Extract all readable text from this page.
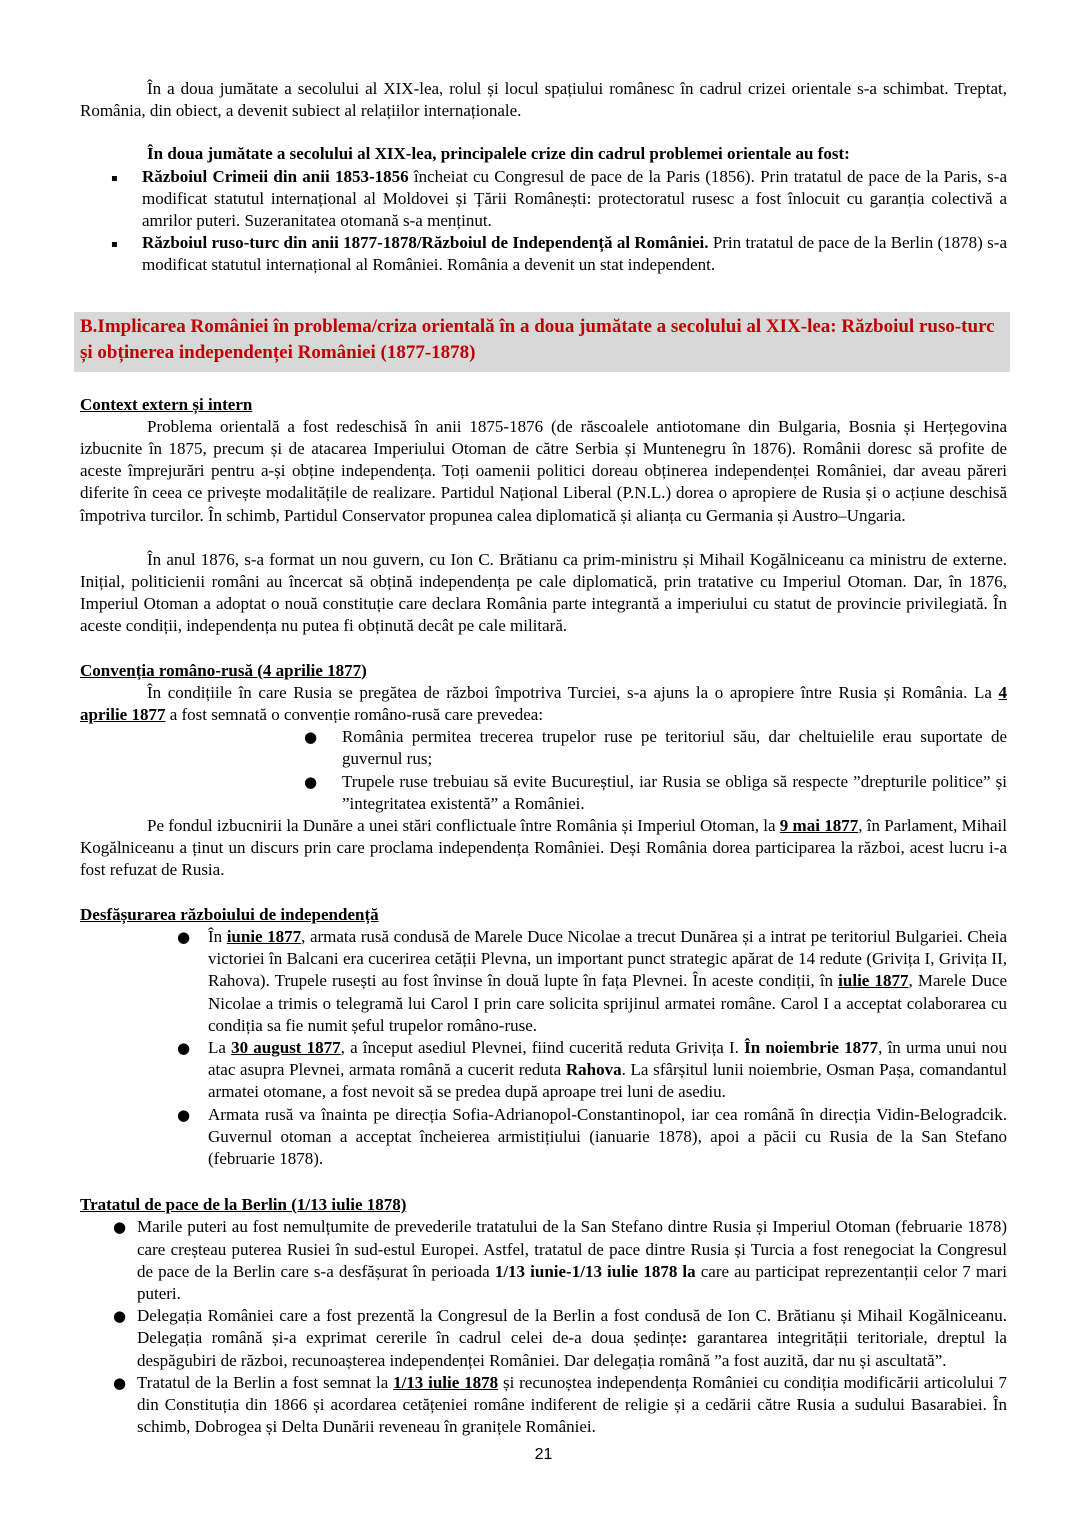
În a doua jumătate a secolului al XIX-lea, rolul și locul spațiului românesc în cadrul crizei orientale s-a schimbat. Treptat, România, din obiect, a devenit subiect al relațiilor internaționale.

În doua jumătate a secolului al XIX-lea, principalele crize din cadrul problemei orientale au fost:

▪ Războiul Crimeii din anii 1853-1856 încheiat cu Congresul de pace de la Paris (1856). Prin tratatul de pace de la Paris, s-a modificat statutul internațional al Moldovei și Țării Românești: protectoratul rusesc a fost înlocuit cu garanția colectivă a amrilor puteri. Suzeranitatea otomană s-a menținut.
▪ Războiul ruso-turc din anii 1877-1878/Războiul de Independență al României. Prin tratatul de pace de la Berlin (1878) s-a modificat statutul internațional al României. România a devenit un stat independent.
B.Implicarea României în problema/criza orientală în a doua jumătate a secolului al XIX-lea: Războiul ruso-turc și obținerea independenței României (1877-1878)
Context extern și intern

Problema orientală a fost redeschisă în anii 1875-1876 (de răscoalele antiotomane din Bulgaria, Bosnia și Herțegovina izbucnite în 1875, precum și de atacarea Imperiului Otoman de către Serbia și Muntenegru în 1876). Românii doresc să profite de aceste împrejurări pentru a-și obține independența. Toți oamenii politici doreau obținerea independenței României, dar aveau păreri diferite în ceea ce privește modalitățile de realizare. Partidul Național Liberal (P.N.L.) dorea o apropiere de Rusia și o acțiune deschisă împotriva turcilor. În schimb, Partidul Conservator propunea calea diplomatică și alianța cu Germania și Austro–Ungaria.

În anul 1876, s-a format un nou guvern, cu Ion C. Brătianu ca prim-ministru și Mihail Kogălniceanu ca ministru de externe. Inițial, politicienii români au încercat să obțină independența pe cale diplomatică, prin tratative cu Imperiul Otoman. Dar, în 1876, Imperiul Otoman a adoptat o nouă constituție care declara România parte integrantă a imperiului cu statut de provincie privilegiată. În aceste condiții, independența nu putea fi obținută decât pe cale militară.

Convenția româno-rusă (4 aprilie 1877)

În condițiile în care Rusia se pregătea de război împotriva Turciei, s-a ajuns la o apropiere între Rusia și România. La 4 aprilie 1877 a fost semnată o convenție româno-rusă care prevedea:

● România permitea trecerea trupelor ruse pe teritoriul său, dar cheltuielile erau suportate de guvernul rus;
● Trupele ruse trebuiau să evite Bucureștiul, iar Rusia se obliga să respecte ”drepturile politice” și ”integritatea existentă” a României.

Pe fondul izbucnirii la Dunăre a unei stări conflictuale între România și Imperiul Otoman, la 9 mai 1877, în Parlament, Mihail Kogălniceanu a ținut un discurs prin care proclama independența României. Deși România dorea participarea la război, acest lucru i-a fost refuzat de Rusia.

Desfășurarea războiului de independență
● În iunie 1877, armata rusă condusă de Marele Duce Nicolae a trecut Dunărea și a intrat pe teritoriul Bulgariei. Cheia victoriei în Balcani era cucerirea cetății Plevna, un important punct strategic apărat de 14 redute (Grivița I, Grivița II, Rahova). Trupele rusești au fost învinse în două lupte în fața Plevnei. În aceste condiții, în iulie 1877, Marele Duce Nicolae a trimis o telegramă lui Carol I prin care solicita sprijinul armatei române. Carol I a acceptat colaborarea cu condiția sa fie numit șeful trupelor româno-ruse.
● La 30 august 1877, a început asediul Plevnei, fiind cucerită reduta Grivița I. În noiembrie 1877, în urma unui nou atac asupra Plevnei, armata română a cucerit reduta Rahova. La sfârșitul lunii noiembrie, Osman Pașa, comandantul armatei otomane, a fost nevoit să se predea după aproape trei luni de asediu.
● Armata rusă va înainta pe direcția Sofia-Adrianopol-Constantinopol, iar cea română în direcția Vidin-Belogradcik. Guvernul otoman a acceptat încheierea armistițiului (ianuarie 1878), apoi a păcii cu Rusia de la San Stefano (februarie 1878).
Tratatul de pace de la Berlin (1/13 iulie 1878)
● Marile puteri au fost nemulțumite de prevederile tratatului de la San Stefano dintre Rusia și Imperiul Otoman (februarie 1878) care creșteau puterea Rusiei în sud-estul Europei. Astfel, tratatul de pace dintre Rusia și Turcia a fost renegociat la Congresul de pace de la Berlin care s-a desfășurat în perioada 1/13 iunie-1/13 iulie 1878 la care au participat reprezentanții celor 7 mari puteri.
● Delegația României care a fost prezentă la Congresul de la Berlin a fost condusă de Ion C. Brătianu și Mihail Kogălniceanu. Delegația română și-a exprimat cererile în cadrul celei de-a doua ședințe: garantarea integrității teritoriale, dreptul la despăgubiri de război, recunoașterea independenței României. Dar delegația română ”a fost auzită, dar nu și ascultată”.
● Tratatul de la Berlin a fost semnat la 1/13 iulie 1878 și recunoștea independența României cu condiția modificării articolului 7 din Constituția din 1866 și acordarea cetățeniei române indiferent de religie și a cedării către Rusia a sudului Basarabiei. În schimb, Dobrogea și Delta Dunării reveneau în granițele României.
21
